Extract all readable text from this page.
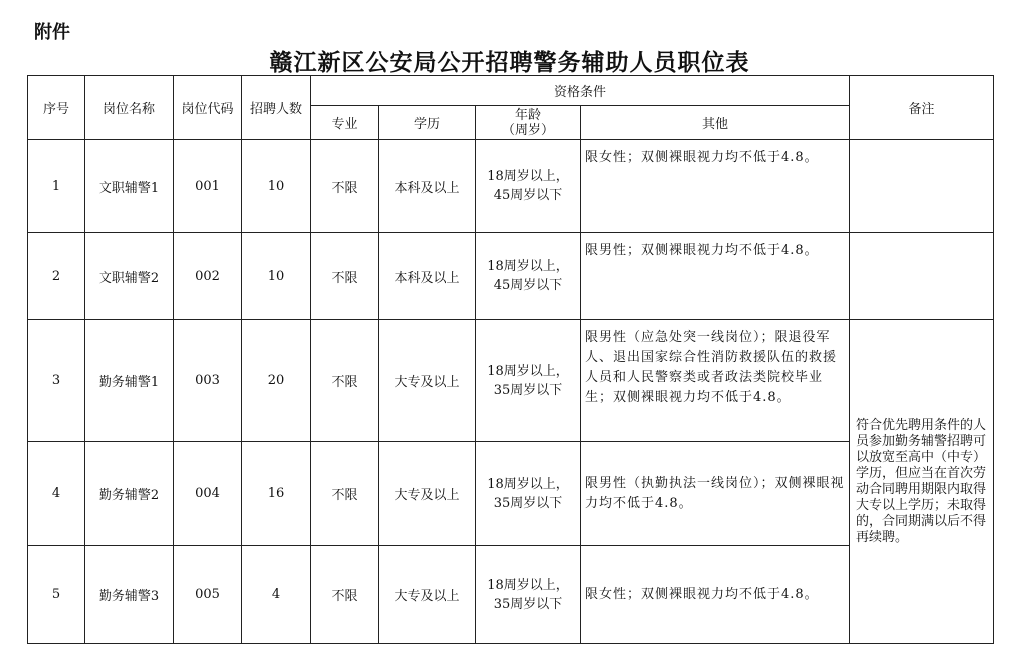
附件
赣江新区公安局公开招聘警务辅助人员职位表
序号	岗位名称	岗位代码	招聘人数	资格条件				备注
				专业	学历	年龄
（周岁）	其他	
1	文职辅警1	001	10	不限	本科及以上	18周岁以上，
45周岁以下	限女性；双侧裸眼视力均不低于4.8。	
2	文职辅警2	002	10	不限	本科及以上	18周岁以上，
45周岁以下	限男性；双侧裸眼视力均不低于4.8。	
3	勤务辅警1	003	20	不限	大专及以上	18周岁以上，
35周岁以下	限男性（应急处突一线岗位）；限退役军人、退出国家综合性消防救援队伍的救援人员和人民警察类或者政法类院校毕业生；双侧裸眼视力均不低于4.8。	符合优先聘用条件的人员参加勤务辅警招聘可以放宽至高中（中专）学历，但应当在首次劳动合同聘用期限内取得大专以上学历；未取得的，合同期满以后不得再续聘。
4	勤务辅警2	004	16	不限	大专及以上	18周岁以上，
35周岁以下	限男性（执勤执法一线岗位）；双侧裸眼视力均不低于4.8。	
5	勤务辅警3	005	4	不限	大专及以上	18周岁以上，
35周岁以下	限女性；双侧裸眼视力均不低于4.8。	
